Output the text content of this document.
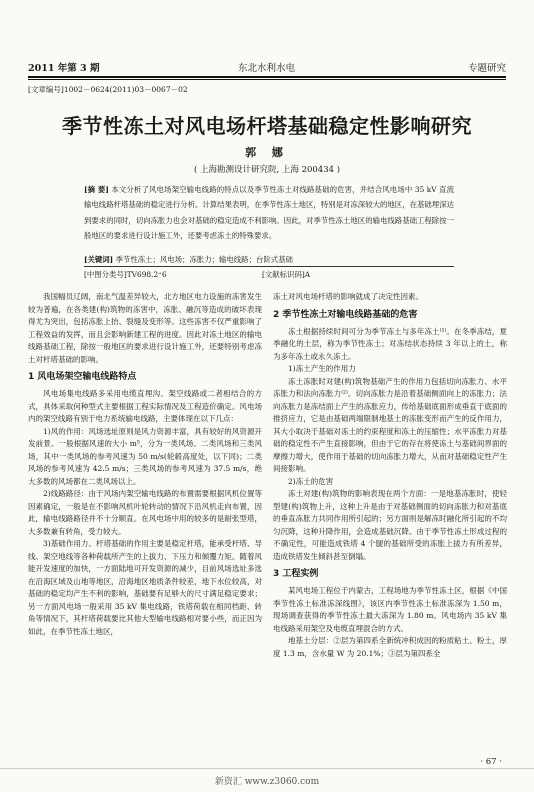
2011 年第 3 期	东北水利水电	专题研究
[文章编号]1002－0624(2011)03－0067－02
季节性冻土对风电场杆塔基础稳定性影响研究
郭 娜
( 上海勘测设计研究院, 上海 200434 )
[摘 要] 本文分析了风电场架空输电线路的特点以及季节性冻土对线路基础的危害，并结合风电场中 35 kV 直流输电线路杆塔基础的稳定进行分析。计算结果表明，在季节性冻土地区，特别是对冻深较大的地区，在基础埋深达到要求的同时，切向冻胀力也会对基础的稳定造成不利影响。因此，对季节性冻土地区的输电线路基础工程除按一般地区的要求进行设计施工外，还要考虑冻土的特殊要求。
[关键词] 季节性冻土；风电场；冻胀力；输电线路；台阶式基础
[中图分类号]TV698.2⁺6	[文献标识码]A

我国幅员辽阔，南北气温差异较大，北方地区电力设施的冻害发生较为普遍，在各类建(构)筑物的冻害中，冻胀、融沉等造成的破坏表现得尤为突出，包括冻胀上抬、裂缝及变形等。这些冻害不仅严重影响了工程效益的发挥，而且会影响新建工程的进度。因此对冻土地区的输电线路基础工程，除按一般地区的要求进行设计施工外，还要特别考虑冻土对杆塔基础的影响。

1 风电场架空输电线路特点

风电场集电线路多采用电缆直埋沟、架空线路或二者相结合的方式，具体采取何种型式主要根据工程实际情况及工程造价确定。风电场内的架空线路有别于电力系统输电线路，主要体现在以下几点：

1)风的作用：风场选址原则是风力资源丰富，具有较好的风资源开发前景。一般根据风速的大小 m⁵，分为一类风场、二类风场和三类风场，其中一类风场的参考风速为 50 m/s(轮毂高度处，以下同)；二类风场的参考风速为 42.5 m/s；三类风场的参考风速为 37.5 m/s，绝大多数的风场都在二类风场以上。

2)线路路径：由于风场内架空输电线路的布置需要根据风机位置等因素确定，一般是在不影响风机叶轮转动的情况下沿风机走向布置，因此，输电线路路径并不十分顺直。在风电场中用的较多的是耐张型塔，大多数兼有转角，受力较大。

3)基础作用力。杆塔基础的作用主要是稳定杆塔，能承受杆塔、导线、架空地线等各种荷载所产生的上拔力、下压力和倾覆力矩。随着风能开发速度的加快，一方面陆地可开发资源的减少，目前风场选址多选在沿海区域及山地等地区，沿海地区地质条件较差，地下水位较高，对基础的稳定均产生不利的影响，基础要有足够大的尺寸满足稳定要求；另一方面风电场一般采用 35 kV 集电线路，铁塔荷载在相同档距、转角等情况下，其杆塔荷载要比其他大型输电线路相对要小些，而正因为如此，在季节性冻土地区，

冻土对风电场杆塔的影响就成了决定性因素。

2 季节性冻土对输电线路基础的危害

冻土根据持续时间可分为季节冻土与多年冻土⁽¹⁾。在冬季冻结，夏季融化的土层，称为季节性冻土；对冻结状态持续 3 年以上的土，称为多年冻土或永久冻土。

1)冻土产生的作用力

冻土冻胀时对建(构)筑物基础产生的作用力包括切向冻胀力、水平冻胀力和法向冻胀力⁽²⁾。切向冻胀力是沿着基础侧面向上的冻胀力；法向冻胀力是冻结面上产生的冻胀应力，传给基础底面形成垂直于底面的推挤应力，它是由基础两端限制地基土的冻胀变形而产生的反作用力，其大小取决于基础对冻土的约束程度和冻土的压缩性；水平冻胀力对基础的稳定性不产生直接影响，但由于它的存在将使冻土与基础间界面的摩擦力增大，使作用于基础的切向冻胀力增大，从而对基础稳定性产生间接影响。

2)冻土的危害

冻土对建(构)筑物的影响表现在两个方面：一是地基冻胀时，使轻型建(构)筑物上升，这种上升是由于对基础侧面的切向冻胀力和对基底的垂直冻胀力共同作用所引起的；另方面则是解冻时融化所引起的不均匀沉降，这种升降作用，会造成基础沉降。由于季节性冻土形成过程的不确定性，可能造成铁塔 4 个腿的基础所受的冻胀上拔力有所差异，造成铁塔发生倾斜甚至倒塌。

3 工程实例

某风电场工程位于内蒙古，工程场地为季节性冻土区，根据《中国季节性冻土标准冻深线图》，该区内季节性冻土标准冻深为 1.50 m，现场调查获得的季节性冻土最大冻深为 1.80 m。风电场内 35 kV 集电线路采用架空及电缆直埋混合的方式。

地基土分层：②层为第四系全新统冲积成因的粉质粘土、粉土，厚度 1.3 m，含水量 W 为 20.1%；③层为第四系全

· 67 ·
新资汇 www.z3060.com
